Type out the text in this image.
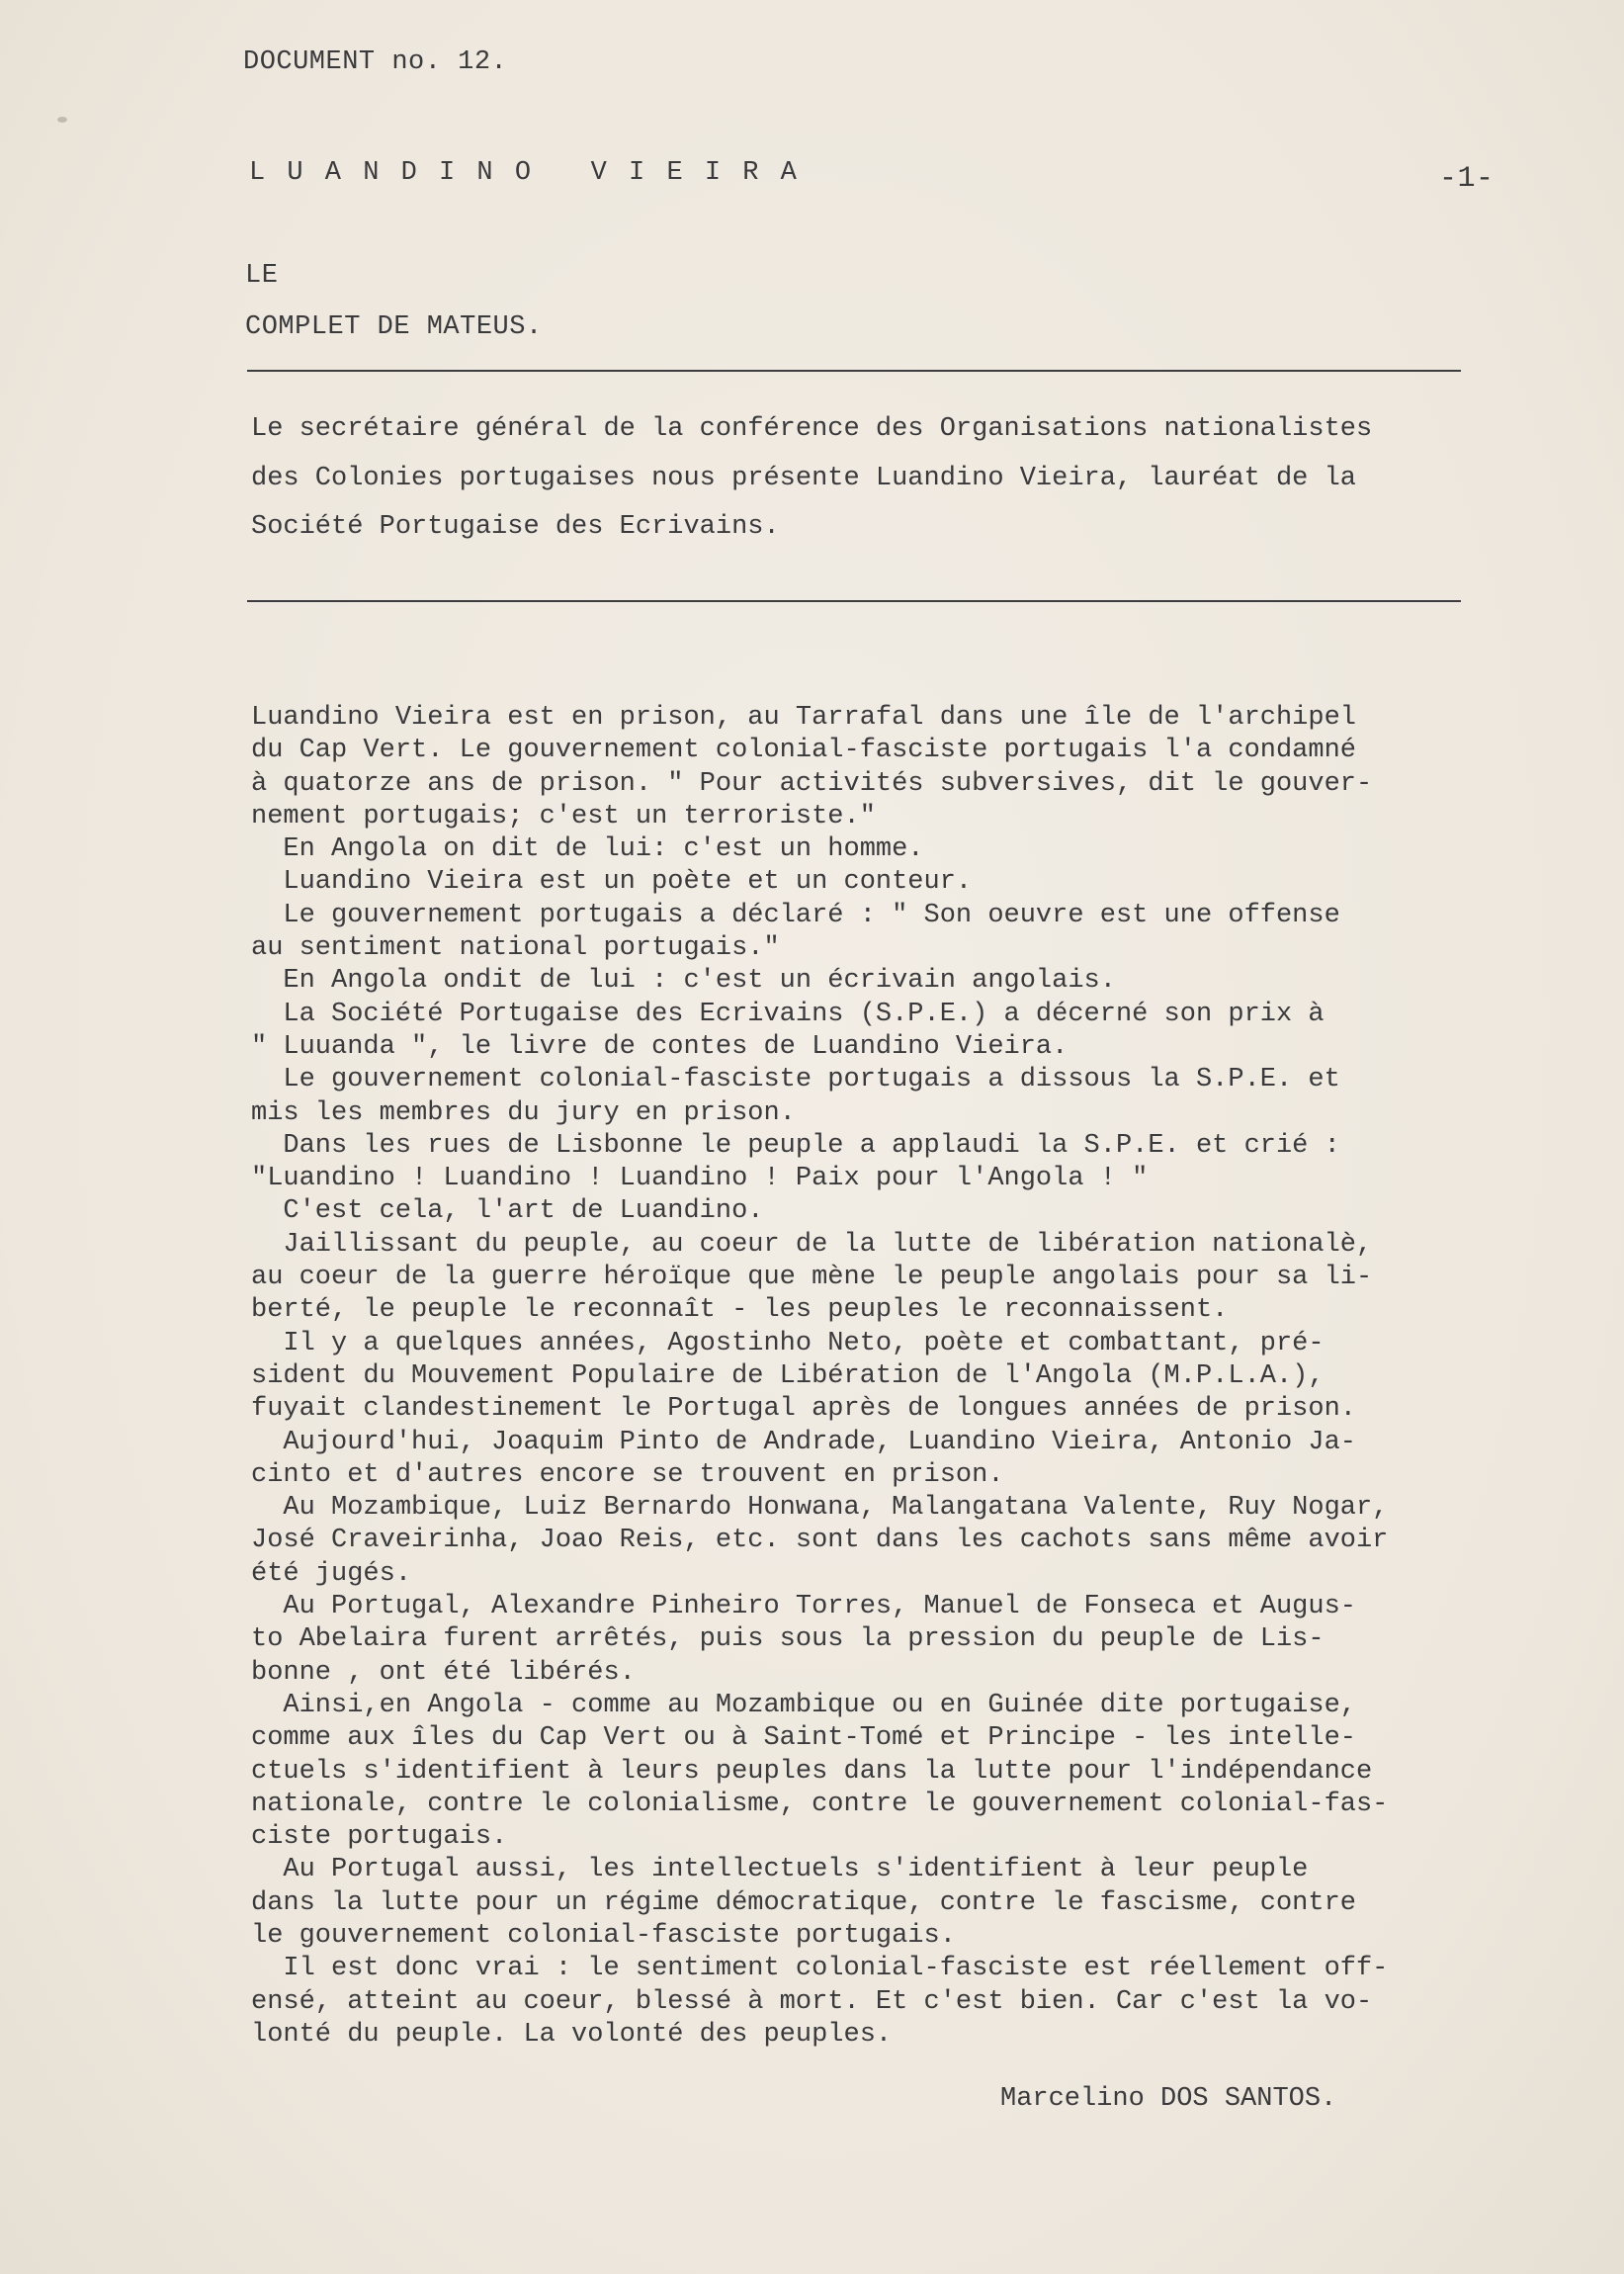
DOCUMENT no. 12.
L U A N D I N O   V I E I R A	-1-
LE
COMPLET DE MATEUS.
Le secrétaire général de la conférence des Organisations nationalistes
des Colonies portugaises nous présente Luandino Vieira, lauréat de la
Société Portugaise des Ecrivains.
Luandino Vieira est en prison, au Tarrafal dans une île de l'archipel
du Cap Vert. Le gouvernement colonial-fasciste portugais l'a condamné
à quatorze ans de prison. " Pour activités subversives, dit le gouver-
nement portugais; c'est un terroriste."
En Angola on dit de lui: c'est un homme.
Luandino Vieira est un poète et un conteur.
Le gouvernement portugais a déclaré : " Son oeuvre est une offense
au sentiment national portugais."
En Angola ondit de lui : c'est un écrivain angolais.
La Société Portugaise des Ecrivains (S.P.E.) a décerné son prix à
" Luuanda ", le livre de contes de Luandino Vieira.
Le gouvernement colonial-fasciste portugais a dissous la S.P.E. et
mis les membres du jury en prison.
Dans les rues de Lisbonne le peuple a applaudi la S.P.E. et crié :
"Luandino ! Luandino ! Luandino ! Paix pour l'Angola ! "
C'est cela, l'art de Luandino.
Jaillissant du peuple, au coeur de la lutte de libération nationalè,
au coeur de la guerre héroïque que mène le peuple angolais pour sa li-
berté, le peuple le reconnaît - les peuples le reconnaissent.
Il y a quelques années, Agostinho Neto, poète et combattant, pré-
sident du Mouvement Populaire de Libération de l'Angola (M.P.L.A.),
fuyait clandestinement le Portugal après de longues années de prison.
Aujourd'hui, Joaquim Pinto de Andrade, Luandino Vieira, Antonio Ja-
cinto et d'autres encore se trouvent en prison.
Au Mozambique, Luiz Bernardo Honwana, Malangatana Valente, Ruy Nogar,
José Craveirinha, Joao Reis, etc. sont dans les cachots sans même avoir
été jugés.
Au Portugal, Alexandre Pinheiro Torres, Manuel de Fonseca et Augus-
to Abelaira furent arrêtés, puis sous la pression du peuple de Lis-
bonne , ont été libérés.
Ainsi,en Angola - comme au Mozambique ou en Guinée dite portugaise,
comme aux îles du Cap Vert ou à Saint-Tomé et Principe - les intelle-
ctuels s'identifient à leurs peuples dans la lutte pour l'indépendance
nationale, contre le colonialisme, contre le gouvernement colonial-fas-
ciste portugais.
Au Portugal aussi, les intellectuels s'identifient à leur peuple
dans la lutte pour un régime démocratique, contre le fascisme, contre
le gouvernement colonial-fasciste portugais.
Il est donc vrai : le sentiment colonial-fasciste est réellement off-
ensé, atteint au coeur, blessé à mort. Et c'est bien. Car c'est la vo-
lonté du peuple. La volonté des peuples.
Marcelino DOS SANTOS.
